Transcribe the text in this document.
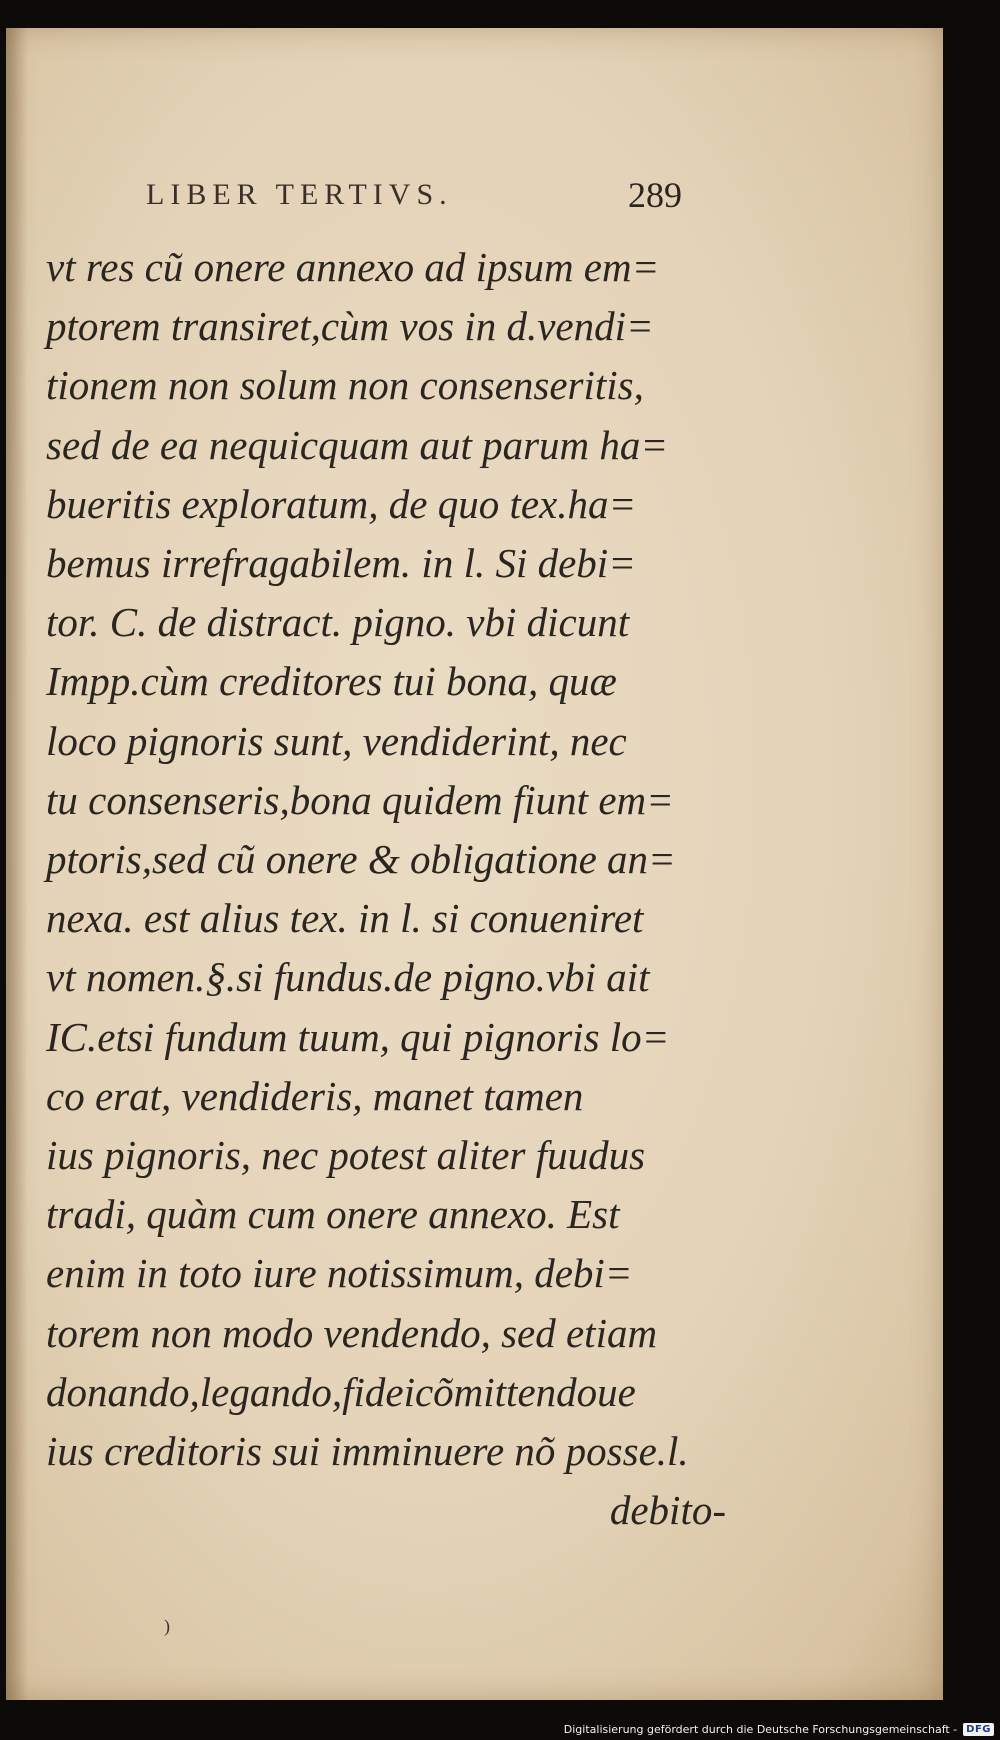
LIBER TERTIVS.	289
vt res cũ onere annexo ad ipsum em=
ptorem transiret,cùm vos in d.vendi=
tionem non solum non consenseritis,
sed de ea nequicquam aut parum ha=
bueritis exploratum, de quo tex.ha=
bemus irrefragabilem. in l. Si debi=
tor. C. de distract. pigno. vbi dicunt
Impp.cùm creditores tui bona, quæ
loco pignoris sunt, vendiderint, nec
tu consenseris,bona quidem fiunt em=
ptoris,sed cũ onere & obligatione an=
nexa. est alius tex. in l. si conueniret
vt nomen.§.si fundus.de pigno.vbi ait
IC.etsi fundum tuum, qui pignoris lo=
co erat, vendideris, manet tamen
ius pignoris, nec potest aliter fuudus
tradi, quàm cum onere annexo. Est
enim in toto iure notissimum, debi=
torem non modo vendendo, sed etiam
donando,legando,fideicõmittendoue
ius creditoris sui imminuere nõ posse.l.
debito-
)
Digitalisierung gefördert durch die Deutsche Forschungsgemeinschaft - DFG
